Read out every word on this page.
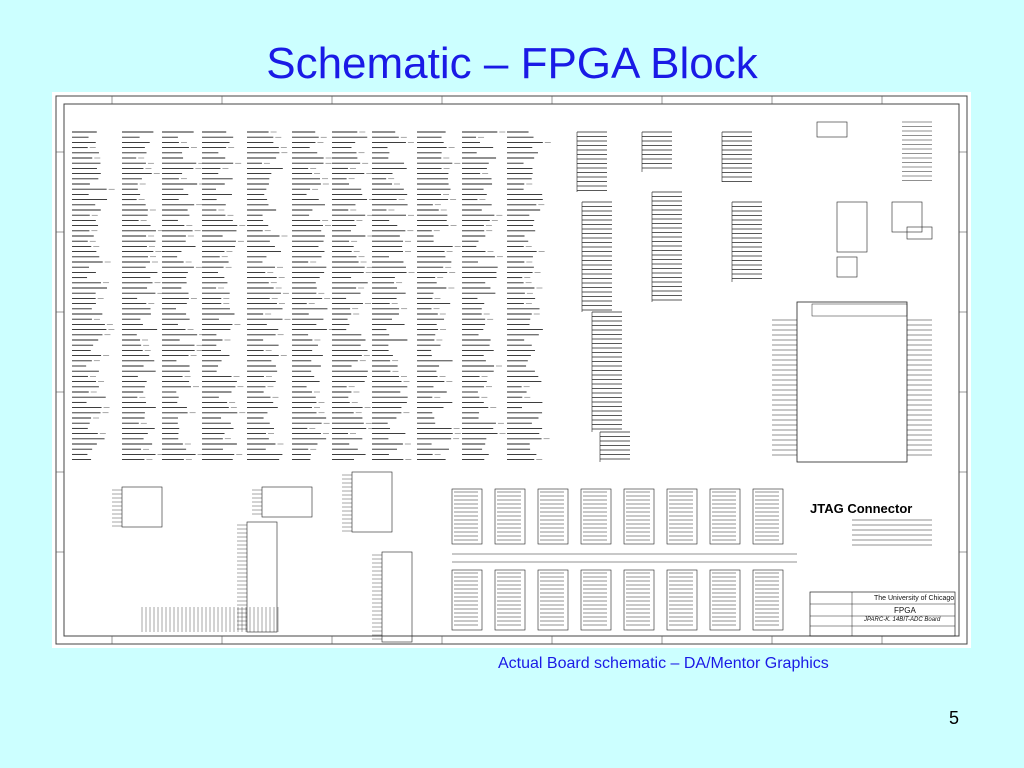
Schematic – FPGA Block
JTAG Connector
The University of Chicago
FPGA
JPARC-K. 14BIT-ADC Board
Actual Board schematic – DA/Mentor Graphics
5
